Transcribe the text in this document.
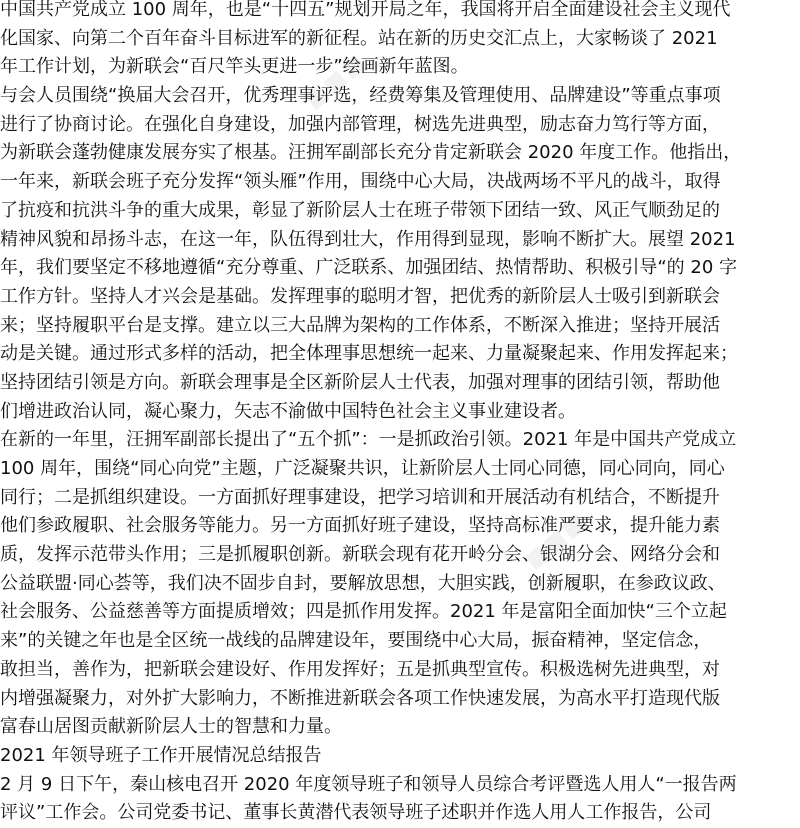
■■■
■■■
中国共产党成立 100 周年，也是“十四五”规划开局之年，我国将开启全面建设社会主义现代
化国家、向第二个百年奋斗目标进军的新征程。站在新的历史交汇点上，大家畅谈了 2021
年工作计划，为新联会“百尺竿头更进一步”绘画新年蓝图。
与会人员围绕“换届大会召开，优秀理事评选，经费筹集及管理使用、品牌建设”等重点事项
进行了协商讨论。在强化自身建设，加强内部管理，树选先进典型，励志奋力笃行等方面，
为新联会蓬勃健康发展夯实了根基。汪拥军副部长充分肯定新联会 2020 年度工作。他指出，
一年来，新联会班子充分发挥“领头雁”作用，围绕中心大局，决战两场不平凡的战斗，取得
了抗疫和抗洪斗争的重大成果，彰显了新阶层人士在班子带领下团结一致、风正气顺劲足的
精神风貌和昂扬斗志，在这一年，队伍得到壮大，作用得到显现，影响不断扩大。展望 2021
年，我们要坚定不移地遵循“充分尊重、广泛联系、加强团结、热情帮助、积极引导“的 20 字
工作方针。坚持人才兴会是基础。发挥理事的聪明才智，把优秀的新阶层人士吸引到新联会
来；坚持履职平台是支撑。建立以三大品牌为架构的工作体系，不断深入推进；坚持开展活
动是关键。通过形式多样的活动，把全体理事思想统一起来、力量凝聚起来、作用发挥起来；
坚持团结引领是方向。新联会理事是全区新阶层人士代表，加强对理事的团结引领，帮助他
们增进政治认同，凝心聚力，矢志不渝做中国特色社会主义事业建设者。
在新的一年里，汪拥军副部长提出了“五个抓”：一是抓政治引领。2021 年是中国共产党成立
100 周年，围绕“同心向党”主题，广泛凝聚共识，让新阶层人士同心同德，同心同向，同心
同行；二是抓组织建设。一方面抓好理事建设，把学习培训和开展活动有机结合，不断提升
他们参政履职、社会服务等能力。另一方面抓好班子建设，坚持高标准严要求，提升能力素
质，发挥示范带头作用；三是抓履职创新。新联会现有花开岭分会、银湖分会、网络分会和
公益联盟·同心荟等，我们决不固步自封，要解放思想，大胆实践，创新履职，在参政议政、
社会服务、公益慈善等方面提质增效；四是抓作用发挥。2021 年是富阳全面加快“三个立起
来”的关键之年也是全区统一战线的品牌建设年，要围绕中心大局，振奋精神，坚定信念，
敢担当，善作为，把新联会建设好、作用发挥好；五是抓典型宣传。积极选树先进典型，对
内增强凝聚力，对外扩大影响力，不断推进新联会各项工作快速发展，为高水平打造现代版
富春山居图贡献新阶层人士的智慧和力量。
2021 年领导班子工作开展情况总结报告
2 月 9 日下午，秦山核电召开 2020 年度领导班子和领导人员综合考评暨选人用人“一报告两
评议”工作会。公司党委书记、董事长黄潜代表领导班子述职并作选人用人工作报告，公司
